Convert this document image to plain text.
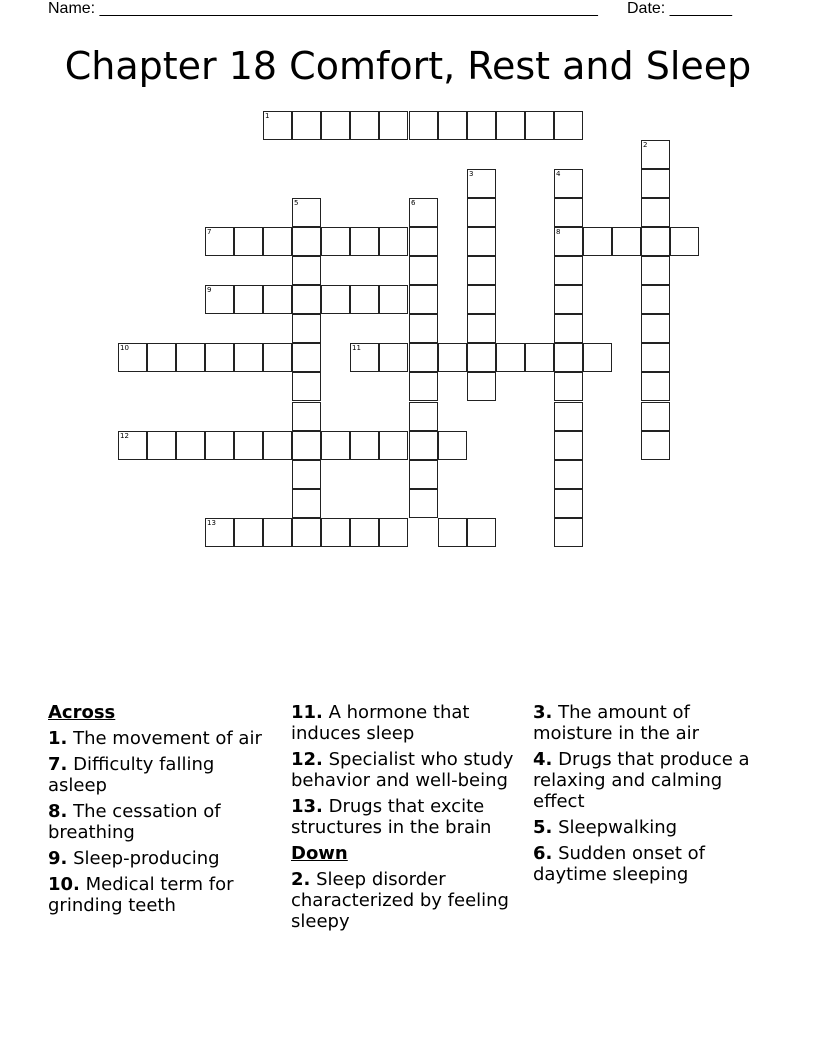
Name: ________________________________________________________ Date: _______
Chapter 18 Comfort, Rest and Sleep
1
2
3	4
8
5	6
7
9
10	11
12
13
Across
1. The movement of air
7. Difficulty falling asleep
8. The cessation of breathing
9. Sleep-producing
10. Medical term for grinding teeth
11. A hormone that induces sleep
12. Specialist who study behavior and well-being
13. Drugs that excite structures in the brain
Down
2. Sleep disorder characterized by feeling sleepy
3. The amount of moisture in the air
4. Drugs that produce a relaxing and calming effect
5. Sleepwalking
6. Sudden onset of daytime sleeping
